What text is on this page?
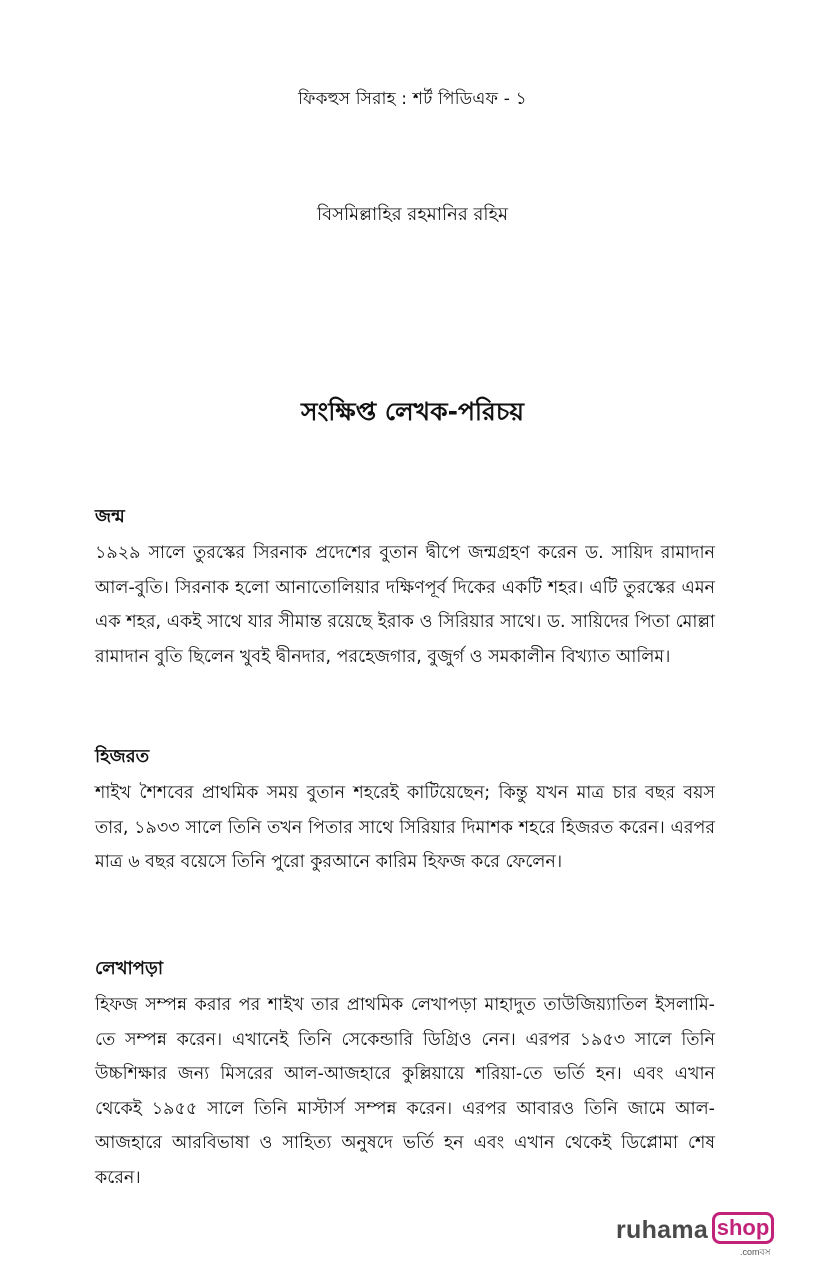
ফিকহুস সিরাহ : শর্ট পিডিএফ - ১
বিসমিল্লাহির রহমানির রহিম
সংক্ষিপ্ত লেখক-পরিচয়
জন্ম

১৯২৯ সালে তুরস্কের সিরনাক প্রদেশের বুতান দ্বীপে জন্মগ্রহণ করেন ড. সায়িদ রামাদান আল-বুতি। সিরনাক হলো আনাতোলিয়ার দক্ষিণপূর্ব দিকের একটি শহর। এটি তুরস্কের এমন এক শহর, একই সাথে যার সীমান্ত রয়েছে ইরাক ও সিরিয়ার সাথে। ড. সায়িদের পিতা মোল্লা রামাদান বুতি ছিলেন খুবই দ্বীনদার, পরহেজগার, বুজুর্গ ও সমকালীন বিখ্যাত আলিম।

হিজরত

শাইখ শৈশবের প্রাথমিক সময় বুতান শহরেই কাটিয়েছেন; কিন্তু যখন মাত্র চার বছর বয়স তার, ১৯৩৩ সালে তিনি তখন পিতার সাথে সিরিয়ার দিমাশক শহরে হিজরত করেন। এরপর মাত্র ৬ বছর বয়েসে তিনি পুরো কুরআনে কারিম হিফজ করে ফেলেন।

লেখাপড়া

হিফজ সম্পন্ন করার পর শাইখ তার প্রাথমিক লেখাপড়া মাহাদুত তাউজিয়্যাতিল ইসলামি-তে সম্পন্ন করেন। এখানেই তিনি সেকেন্ডারি ডিগ্রিও নেন। এরপর ১৯৫৩ সালে তিনি উচ্চশিক্ষার জন্য মিসরের আল-আজহারে কুল্লিয়ায়ে শরিয়া-তে ভর্তি হন। এবং এখান থেকেই ১৯৫৫ সালে তিনি মাস্টার্স সম্পন্ন করেন। এরপর আবারও তিনি জামে আল-আজহারে আরবিভাষা ও সাহিত্য অনুষদে ভর্তি হন এবং এখান থেকেই ডিপ্লোমা শেষ করেন।

ruhama shop
.comবস
